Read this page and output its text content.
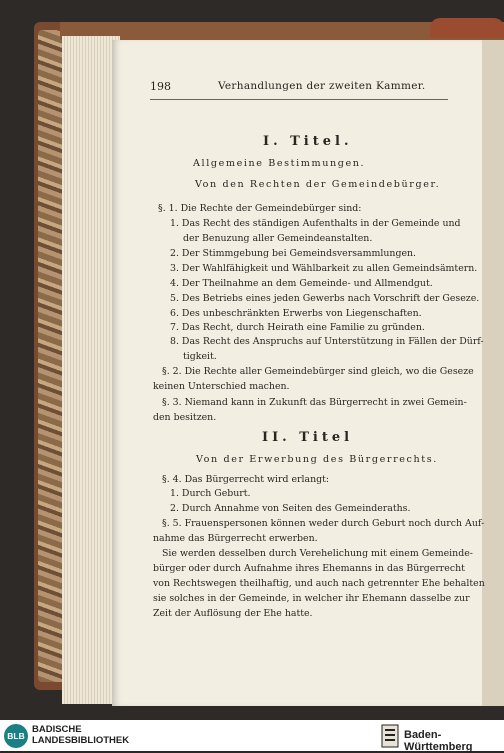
198	Verhandlungen der zweiten Kammer.
I. Titel.
Allgemeine Bestimmungen.
Von den Rechten der Gemeindebürger.
§. 1. Die Rechte der Gemeindebürger sind:
1. Das Recht des ständigen Aufenthalts in der Gemeinde und
der Benuzung aller Gemeindeanstalten.
2. Der Stimmgebung bei Gemeindsversammlungen.
3. Der Wahlfähigkeit und Wählbarkeit zu allen Gemeindsämtern.
4. Der Theilnahme an dem Gemeinde- und Allmendgut.
5. Des Betriebs eines jeden Gewerbs nach Vorschrift der Geseze.
6. Des unbeschränkten Erwerbs von Liegenschaften.
7. Das Recht, durch Heirath eine Familie zu gründen.
8. Das Recht des Anspruchs auf Unterstützung in Fällen der Dürf-
tigkeit.
§. 2. Die Rechte aller Gemeindebürger sind gleich, wo die Geseze
keinen Unterschied machen.
§. 3. Niemand kann in Zukunft das Bürgerrecht in zwei Gemein-
den besitzen.
II. Titel
Von der Erwerbung des Bürgerrechts.
§. 4. Das Bürgerrecht wird erlangt:
1. Durch Geburt.
2. Durch Annahme von Seiten des Gemeinderaths.
§. 5. Frauenspersonen können weder durch Geburt noch durch Auf-
nahme das Bürgerrecht erwerben.
Sie werden desselben durch Verehelichung mit einem Gemeinde-
bürger oder durch Aufnahme ihres Ehemanns in das Bürgerrecht
von Rechtswegen theilhaftig, und auch nach getrennter Ehe behalten
sie solches in der Gemeinde, in welcher ihr Ehemann dasselbe zur
Zeit der Auflösung der Ehe hatte.
BLB
BADISCHE
LANDESBIBLIOTHEK	Baden-Württemberg
